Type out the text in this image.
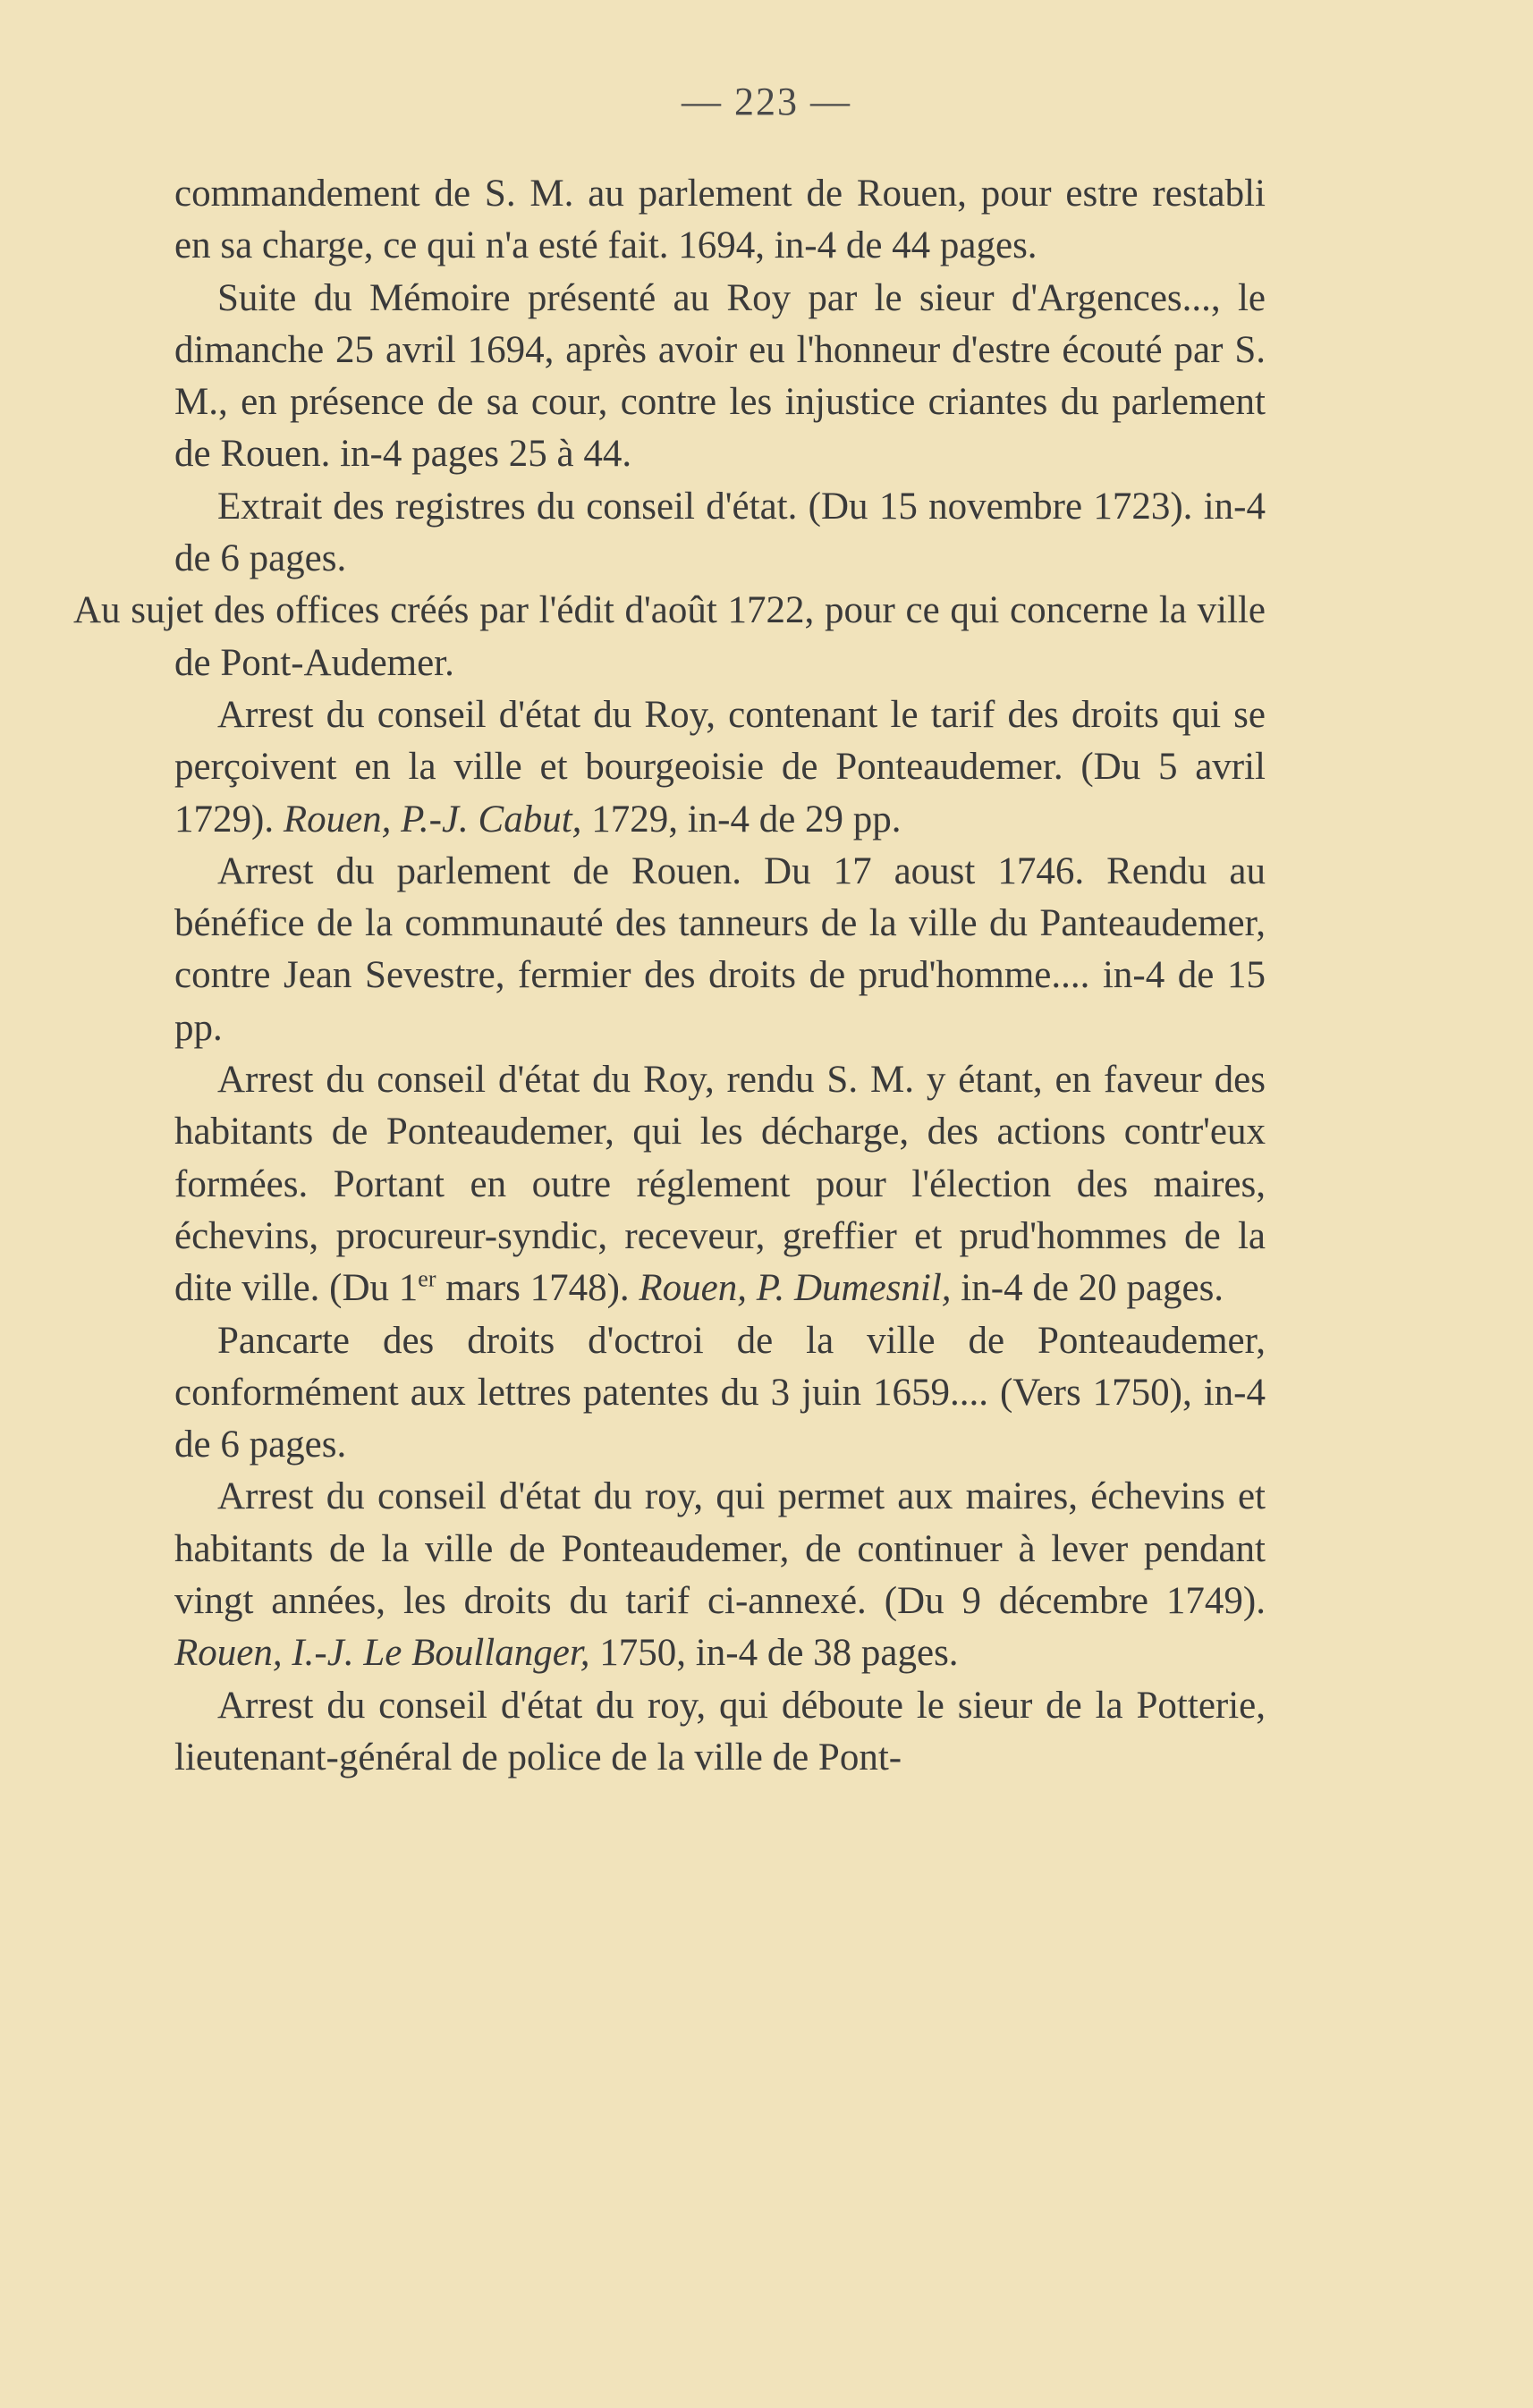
— 223 —

commandement de S. M. au parlement de Rouen, pour estre restabli en sa charge, ce qui n'a esté fait. 1694, in-4 de 44 pages.

Suite du Mémoire présenté au Roy par le sieur d'Argences..., le dimanche 25 avril 1694, après avoir eu l'honneur d'estre écouté par S. M., en présence de sa cour, contre les injustice criantes du parlement de Rouen. in-4 pages 25 à 44.

Extrait des registres du conseil d'état. (Du 15 novembre 1723). in-4 de 6 pages.

Au sujet des offices créés par l'édit d'août 1722, pour ce qui concerne la ville de Pont-Audemer.

Arrest du conseil d'état du Roy, contenant le tarif des droits qui se perçoivent en la ville et bourgeoisie de Ponteaudemer. (Du 5 avril 1729). Rouen, P.-J. Cabut, 1729, in-4 de 29 pp.

Arrest du parlement de Rouen. Du 17 aoust 1746. Rendu au bénéfice de la communauté des tanneurs de la ville du Panteaudemer, contre Jean Sevestre, fermier des droits de prud'homme.... in-4 de 15 pp.

Arrest du conseil d'état du Roy, rendu S. M. y étant, en faveur des habitants de Ponteaudemer, qui les décharge, des actions contr'eux formées. Portant en outre réglement pour l'élection des maires, échevins, procureur-syndic, receveur, greffier et prud'hommes de la dite ville. (Du 1er mars 1748). Rouen, P. Dumesnil, in-4 de 20 pages.

Pancarte des droits d'octroi de la ville de Ponteaudemer, conformément aux lettres patentes du 3 juin 1659.... (Vers 1750), in-4 de 6 pages.

Arrest du conseil d'état du roy, qui permet aux maires, échevins et habitants de la ville de Ponteaudemer, de continuer à lever pendant vingt années, les droits du tarif ci-annexé. (Du 9 décembre 1749). Rouen, I.-J. Le Boullanger, 1750, in-4 de 38 pages.

Arrest du conseil d'état du roy, qui déboute le sieur de la Potterie, lieutenant-général de police de la ville de Pont-
